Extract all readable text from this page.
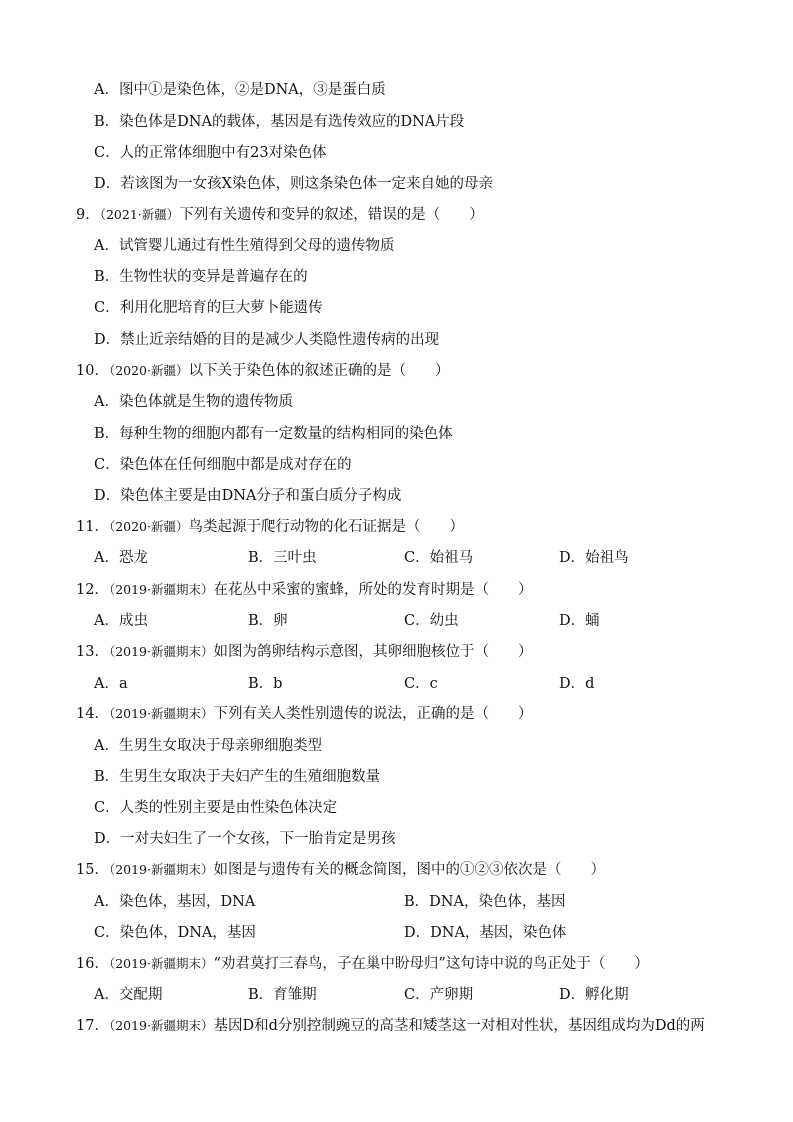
A．图中①是染色体，②是DNA，③是蛋白质
B．染色体是DNA的载体，基因是有选传效应的DNA片段
C．人的正常体细胞中有23对染色体
D．若该图为一女孩X染色体，则这条染色体一定来自她的母亲
9．（2021·新疆）下列有关遗传和变异的叙述，错误的是（　　）
A．试管婴儿通过有性生殖得到父母的遗传物质
B．生物性状的变异是普遍存在的
C．利用化肥培育的巨大萝卜能遗传
D．禁止近亲结婚的目的是减少人类隐性遗传病的出现
10．（2020·新疆）以下关于染色体的叙述正确的是（　　）
A．染色体就是生物的遗传物质
B．每种生物的细胞内都有一定数量的结构相同的染色体
C．染色体在任何细胞中都是成对存在的
D．染色体主要是由DNA分子和蛋白质分子构成
11．（2020·新疆）鸟类起源于爬行动物的化石证据是（　　）
A．恐龙	B．三叶虫	C．始祖马	D．始祖鸟
12．（2019·新疆期末）在花丛中采蜜的蜜蜂，所处的发育时期是（　　）
A．成虫	B．卵	C．幼虫	D．蛹
13．（2019·新疆期末）如图为鸽卵结构示意图，其卵细胞核位于（　　）
A．a	B．b	C．c	D．d
14．（2019·新疆期末）下列有关人类性别遗传的说法，正确的是（　　）
A．生男生女取决于母亲卵细胞类型
B．生男生女取决于夫妇产生的生殖细胞数量
C．人类的性别主要是由性染色体决定
D．一对夫妇生了一个女孩，下一胎肯定是男孩
15．（2019·新疆期末）如图是与遗传有关的概念简图，图中的①②③依次是（　　）
A．染色体，基因，DNA	B．DNA，染色体，基因
C．染色体，DNA，基因	D．DNA，基因，染色体
16．（2019·新疆期末）“劝君莫打三春鸟，子在巢中盼母归”这句诗中说的鸟正处于（　　）
A．交配期	B．育雏期	C．产卵期	D．孵化期
17．（2019·新疆期末）基因D和d分别控制豌豆的高茎和矮茎这一对相对性状，基因组成均为Dd的两
